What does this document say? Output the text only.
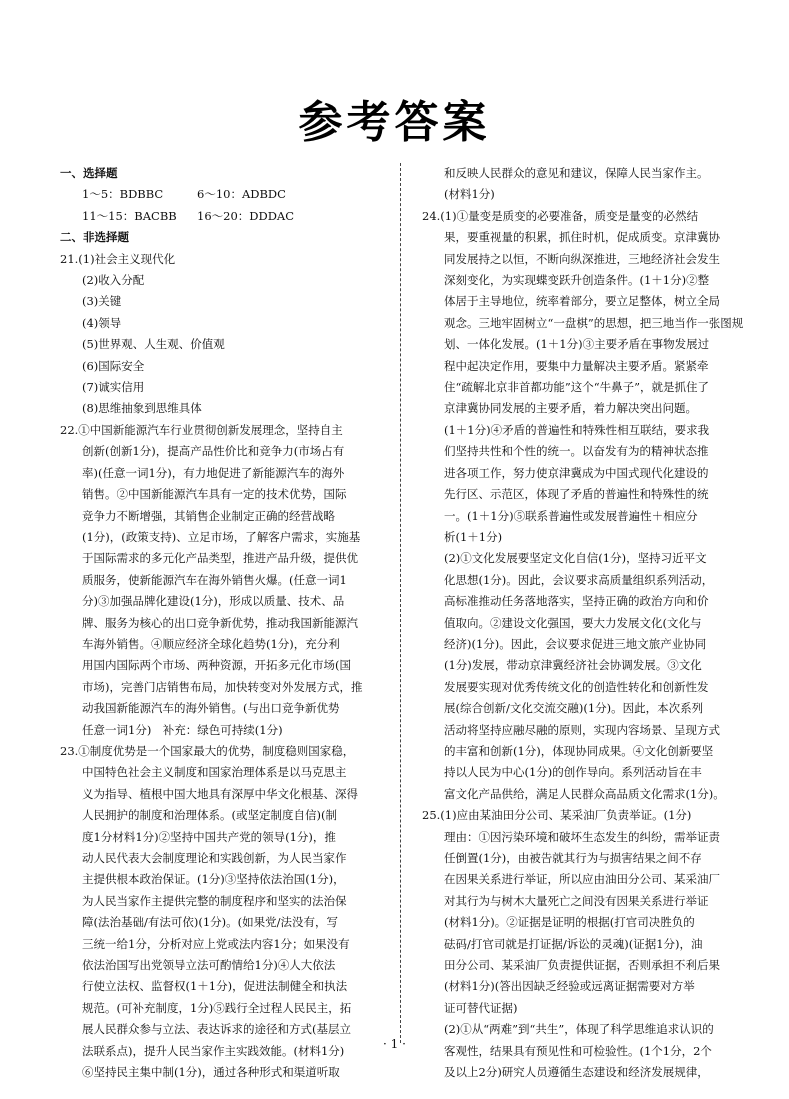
参考答案
一、选择题
1～5：BDBBC	6～10：ADBDC
11～15：BACBB	16～20：DDDAC
二、非选择题
21.(1)社会主义现代化
(2)收入分配
(3)关键
(4)领导
(5)世界观、人生观、价值观
(6)国际安全
(7)诚实信用
(8)思维抽象到思维具体
22.①中国新能源汽车行业贯彻创新发展理念，坚持自主
创新(创新1分)，提高产品性价比和竞争力(市场占有
率)(任意一词1分)，有力地促进了新能源汽车的海外
销售。②中国新能源汽车具有一定的技术优势，国际
竞争力不断增强，其销售企业制定正确的经营战略
(1分)，(政策支持)、立足市场，了解客户需求，实施基
于国际需求的多元化产品类型，推进产品升级，提供优
质服务，使新能源汽车在海外销售火爆。(任意一词1
分)③加强品牌化建设(1分)，形成以质量、技术、品
牌、服务为核心的出口竞争新优势，推动我国新能源汽
车海外销售。④顺应经济全球化趋势(1分)，充分利
用国内国际两个市场、两种资源，开拓多元化市场(国
市场)，完善门店销售布局，加快转变对外发展方式，推
动我国新能源汽车的海外销售。(与出口竞争新优势
任意一词1分)　补充：绿色可持续(1分)
23.①制度优势是一个国家最大的优势，制度稳则国家稳，
中国特色社会主义制度和国家治理体系是以马克思主
义为指导、植根中国大地具有深厚中华文化根基、深得
人民拥护的制度和治理体系。(或坚定制度自信)(制
度1分材料1分)②坚持中国共产党的领导(1分)，推
动人民代表大会制度理论和实践创新，为人民当家作
主提供根本政治保证。(1分)③坚持依法治国(1分)，
为人民当家作主提供完整的制度程序和坚实的法治保
障(法治基础/有法可依)(1分)。(如果党/法没有，写
三统一给1分，分析对应上党或法内容1分；如果没有
依法治国写出党领导立法可酌情给1分)④人大依法
行使立法权、监督权(1＋1分)，促进法制健全和执法
规范。(可补充制度，1分)⑤践行全过程人民民主，拓
展人民群众参与立法、表达诉求的途径和方式(基层立
法联系点)，提升人民当家作主实践效能。(材料1分)
⑥坚持民主集中制(1分)，通过各种形式和渠道听取
和反映人民群众的意见和建议，保障人民当家作主。
(材料1分)
24.(1)①量变是质变的必要准备，质变是量变的必然结
果，要重视量的积累，抓住时机，促成质变。京津冀协
同发展持之以恒，不断向纵深推进，三地经济社会发生
深刻变化，为实现蝶变跃升创造条件。(1＋1分)②整
体居于主导地位，统率着部分，要立足整体，树立全局
观念。三地牢固树立“一盘棋”的思想，把三地当作一张图规
划、一体化发展。(1＋1分)③主要矛盾在事物发展过
程中起决定作用，要集中力量解决主要矛盾。紧紧牵
住“疏解北京非首都功能”这个“牛鼻子”，就是抓住了
京津冀协同发展的主要矛盾，着力解决突出问题。
(1＋1分)④矛盾的普遍性和特殊性相互联结，要求我
们坚持共性和个性的统一。以奋发有为的精神状态推
进各项工作，努力使京津冀成为中国式现代化建设的
先行区、示范区，体现了矛盾的普遍性和特殊性的统
一。(1＋1分)⑤联系普遍性或发展普遍性＋相应分
析(1＋1分)
(2)①文化发展要坚定文化自信(1分)，坚持习近平文
化思想(1分)。因此，会议要求高质量组织系列活动，
高标准推动任务落地落实，坚持正确的政治方向和价
值取向。②建设文化强国，要大力发展文化(文化与
经济)(1分)。因此，会议要求促进三地文旅产业协同
(1分)发展，带动京津冀经济社会协调发展。③文化
发展要实现对优秀传统文化的创造性转化和创新性发
展(综合创新/文化交流交融)(1分)。因此，本次系列
活动将坚持应融尽融的原则，实现内容场景、呈现方式
的丰富和创新(1分)，体现协同成果。④文化创新要坚
持以人民为中心(1分)的创作导向。系列活动旨在丰
富文化产品供给，满足人民群众高品质文化需求(1分)。
25.(1)应由某油田分公司、某采油厂负责举证。(1分)
理由：①因污染环境和破坏生态发生的纠纷，需举证责
任倒置(1分)，由被告就其行为与损害结果之间不存
在因果关系进行举证，所以应由油田分公司、某采油厂
对其行为与树木大量死亡之间没有因果关系进行举证
(材料1分)。②证据是证明的根据(打官司决胜负的
砝码/打官司就是打证据/诉讼的灵魂)(证据1分)，油
田分公司、某采油厂负责提供证据，否则承担不利后果
(材料1分)(答出因缺乏经验或远离证据需要对方举
证可替代证据)
(2)①从“两难”到“共生”，体现了科学思维追求认识的
客观性，结果具有预见性和可检验性。(1个1分，2个
及以上2分)研究人员遵循生态建设和经济发展规律，
· 1 ·
